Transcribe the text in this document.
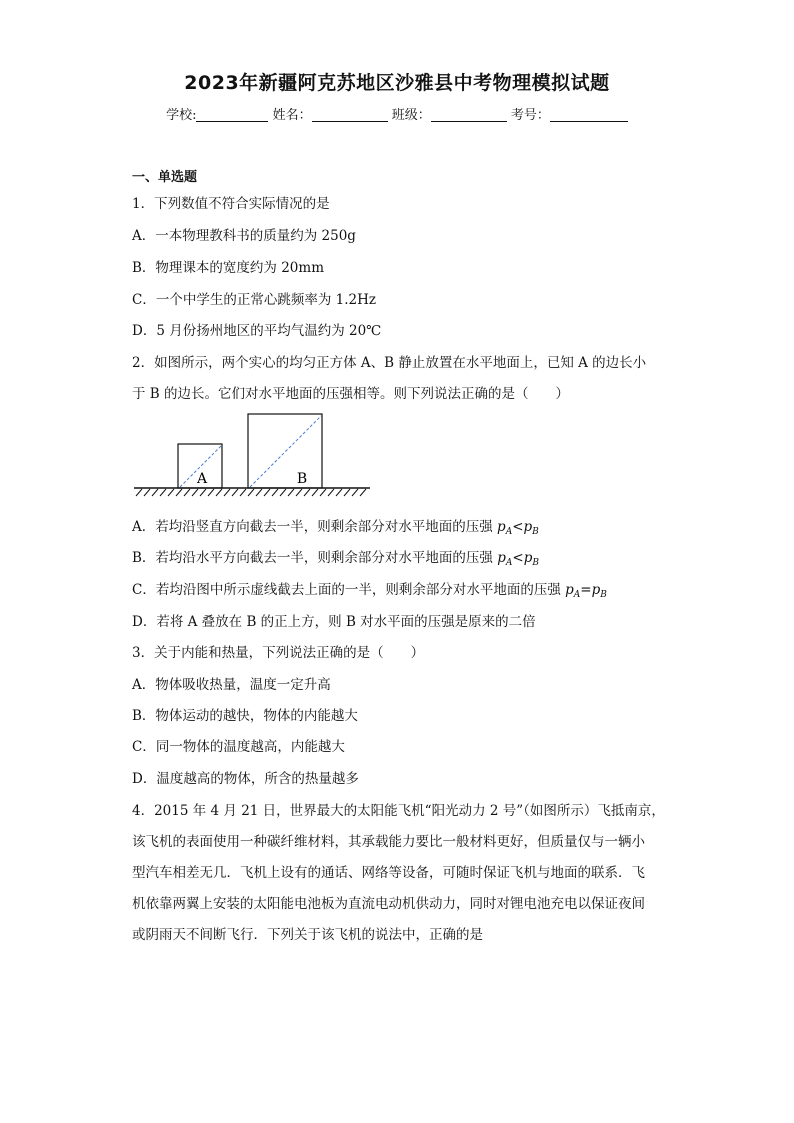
2023年新疆阿克苏地区沙雅县中考物理模拟试题
学校:	姓名：	班级：	考号：
一、单选题
1．下列数值不符合实际情况的是
A．一本物理教科书的质量约为 250g
B．物理课本的宽度约为 20mm
C．一个中学生的正常心跳频率为 1.2Hz
D．5 月份扬州地区的平均气温约为 20℃
2．如图所示，两个实心的均匀正方体 A、B 静止放置在水平地面上，已知 A 的边长小
于 B 的边长。它们对水平地面的压强相等。则下列说法正确的是（　　）
A	B
A．若均沿竖直方向截去一半，则剩余部分对水平地面的压强 $p_A<p_B$
B．若均沿水平方向截去一半，则剩余部分对水平地面的压强 $p_A<p_B$
C．若均沿图中所示虚线截去上面的一半，则剩余部分对水平地面的压强 $p_A=p_B$
D．若将 A 叠放在 B 的正上方，则 B 对水平面的压强是原来的二倍
3．关于内能和热量，下列说法正确的是（　　）
A．物体吸收热量，温度一定升高
B．物体运动的越快，物体的内能越大
C．同一物体的温度越高，内能越大
D．温度越高的物体，所含的热量越多
4．2015 年 4 月 21 日，世界最大的太阳能飞机“阳光动力 2 号”（如图所示）飞抵南京，
该飞机的表面使用一种碳纤维材料，其承载能力要比一般材料更好，但质量仅与一辆小
型汽车相差无几．飞机上设有的通话、网络等设备，可随时保证飞机与地面的联系．飞
机依靠两翼上安装的太阳能电池板为直流电动机供动力，同时对锂电池充电以保证夜间
或阴雨天不间断飞行．下列关于该飞机的说法中，正确的是
